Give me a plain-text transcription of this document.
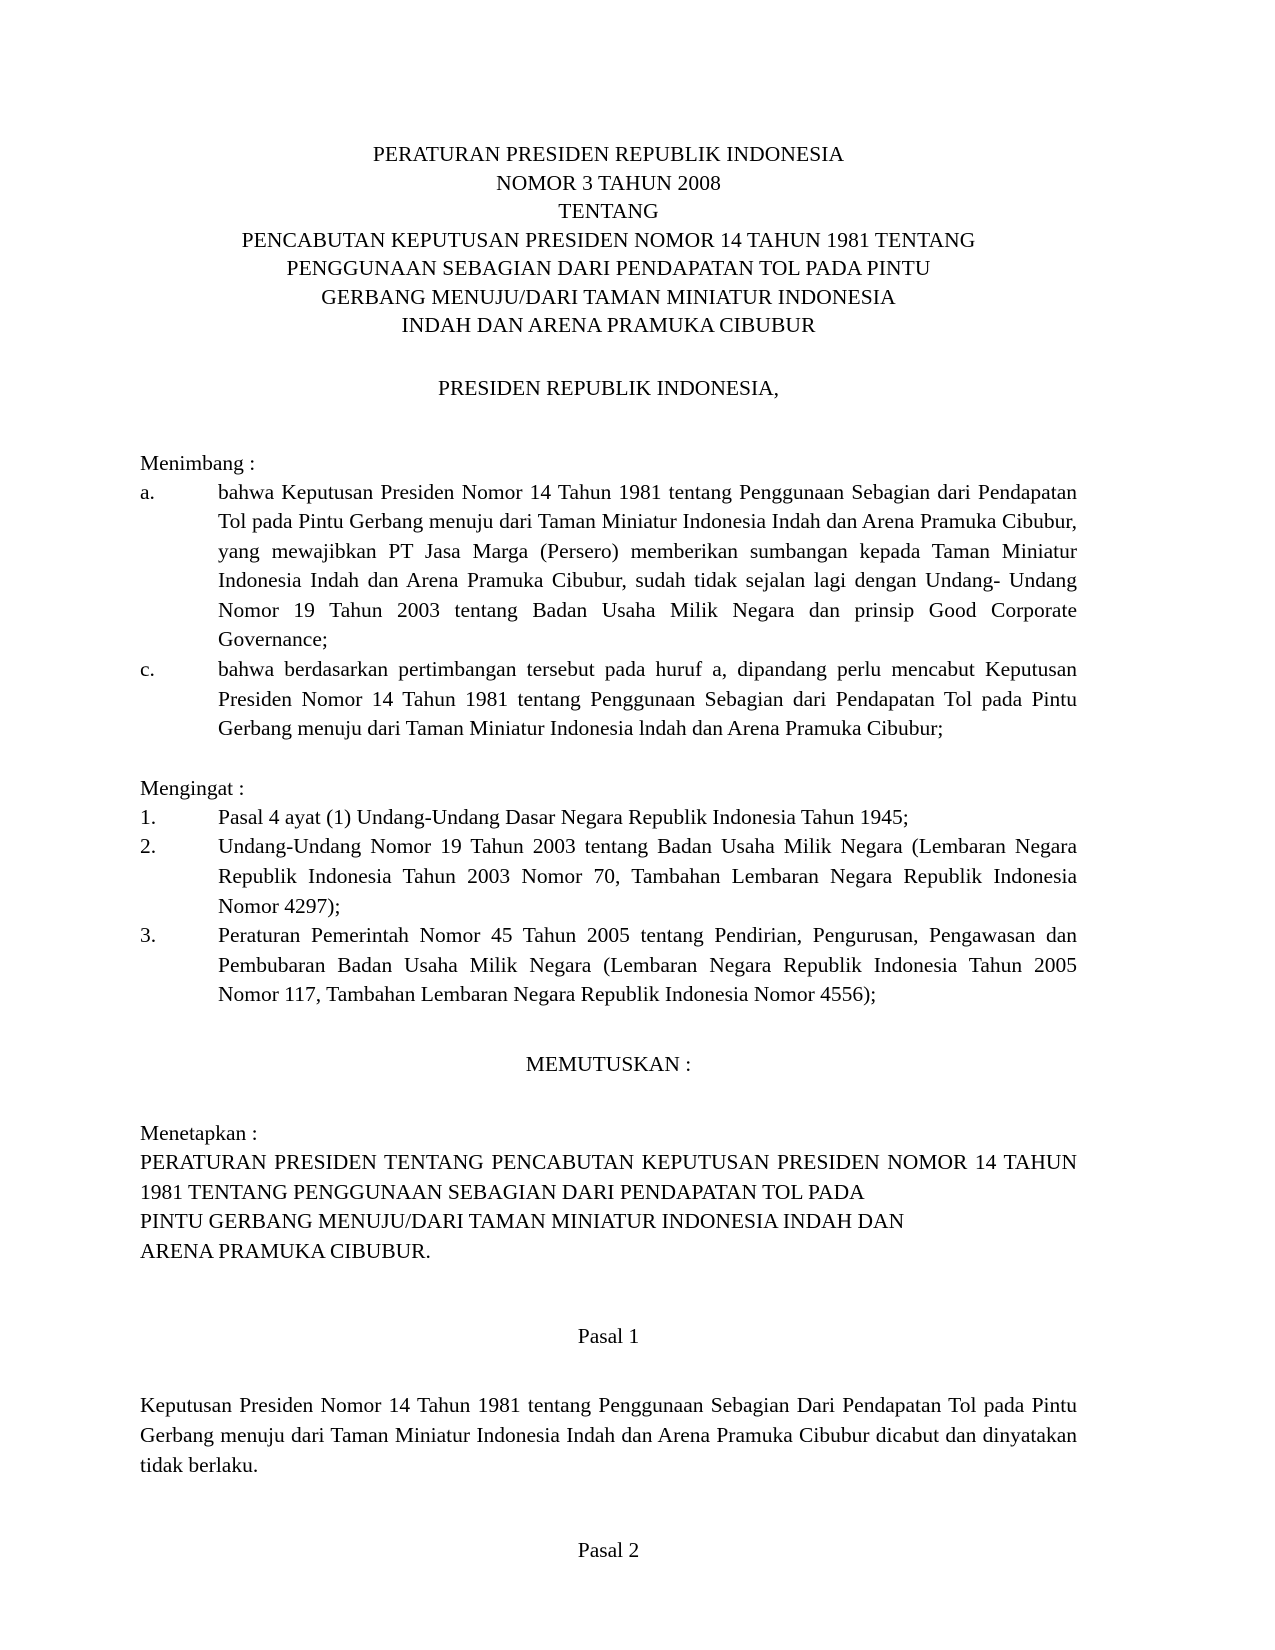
PERATURAN PRESIDEN REPUBLIK INDONESIA
NOMOR 3 TAHUN 2008
TENTANG
PENCABUTAN KEPUTUSAN PRESIDEN NOMOR 14 TAHUN 1981 TENTANG
PENGGUNAAN SEBAGIAN DARI PENDAPATAN TOL PADA PINTU
GERBANG MENUJU/DARI TAMAN MINIATUR INDONESIA
INDAH DAN ARENA PRAMUKA CIBUBUR
PRESIDEN REPUBLIK INDONESIA,
Menimbang :
a.	bahwa Keputusan Presiden Nomor 14 Tahun 1981 tentang Penggunaan Sebagian dari Pendapatan Tol pada Pintu Gerbang menuju dari Taman Miniatur Indonesia Indah dan Arena Pramuka Cibubur, yang mewajibkan PT Jasa Marga (Persero) memberikan sumbangan kepada Taman Miniatur Indonesia Indah dan Arena Pramuka Cibubur, sudah tidak sejalan lagi dengan Undang- Undang Nomor 19 Tahun 2003 tentang Badan Usaha Milik Negara dan prinsip Good Corporate Governance;
c.	bahwa berdasarkan pertimbangan tersebut pada huruf a, dipandang perlu mencabut Keputusan Presiden Nomor 14 Tahun 1981 tentang Penggunaan Sebagian dari Pendapatan Tol pada Pintu Gerbang menuju dari Taman Miniatur Indonesia lndah dan Arena Pramuka Cibubur;
Mengingat :
1.	Pasal 4 ayat (1) Undang-Undang Dasar Negara Republik Indonesia Tahun 1945;
2.	Undang-Undang Nomor 19 Tahun 2003 tentang Badan Usaha Milik Negara (Lembaran Negara Republik Indonesia Tahun 2003 Nomor 70, Tambahan Lembaran Negara Republik Indonesia Nomor 4297);
3.	Peraturan Pemerintah Nomor 45 Tahun 2005 tentang Pendirian, Pengurusan, Pengawasan dan Pembubaran Badan Usaha Milik Negara (Lembaran Negara Republik Indonesia Tahun 2005 Nomor 117, Tambahan Lembaran Negara Republik Indonesia Nomor 4556);
MEMUTUSKAN :
Menetapkan :
PERATURAN PRESIDEN TENTANG PENCABUTAN KEPUTUSAN PRESIDEN NOMOR 14 TAHUN 1981 TENTANG PENGGUNAAN SEBAGIAN DARI PENDAPATAN TOL PADA
PINTU GERBANG MENUJU/DARI TAMAN MINIATUR INDONESIA INDAH DAN
ARENA PRAMUKA CIBUBUR.
Pasal 1

Keputusan Presiden Nomor 14 Tahun 1981 tentang Penggunaan Sebagian Dari Pendapatan Tol pada Pintu Gerbang menuju dari Taman Miniatur Indonesia Indah dan Arena Pramuka Cibubur dicabut dan dinyatakan tidak berlaku.

Pasal 2
